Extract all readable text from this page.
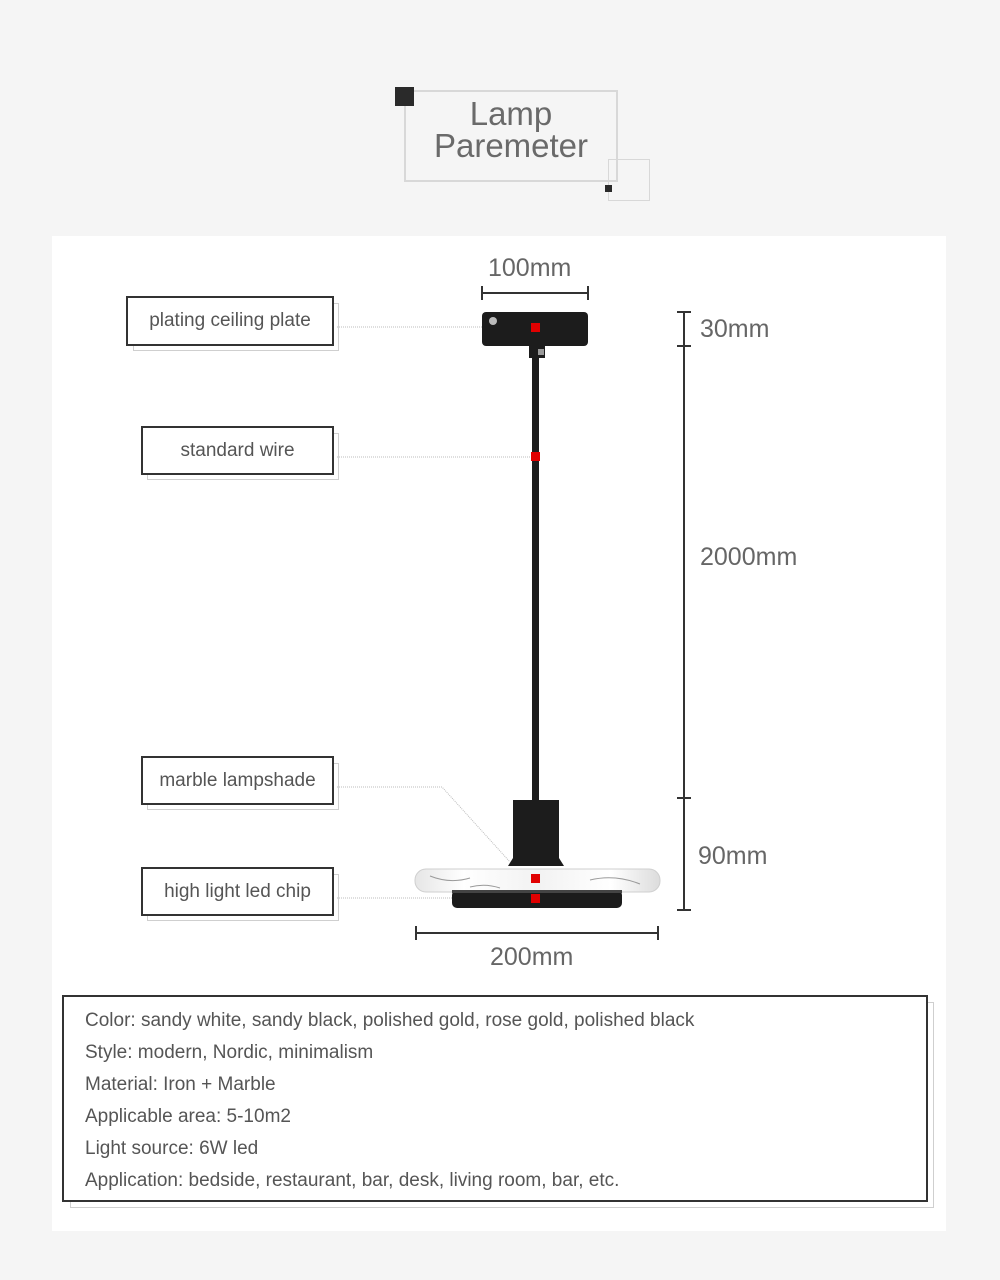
Lamp
Paremeter
100mm
30mm
2000mm
90mm
200mm
plating ceiling plate
standard wire
marble lampshade
high light led chip
Color: sandy white, sandy black, polished gold, rose gold, polished black
Style: modern, Nordic, minimalism
Material: Iron + Marble
Applicable area: 5-10m2
Light source: 6W led
Application: bedside, restaurant, bar, desk, living room, bar, etc.
